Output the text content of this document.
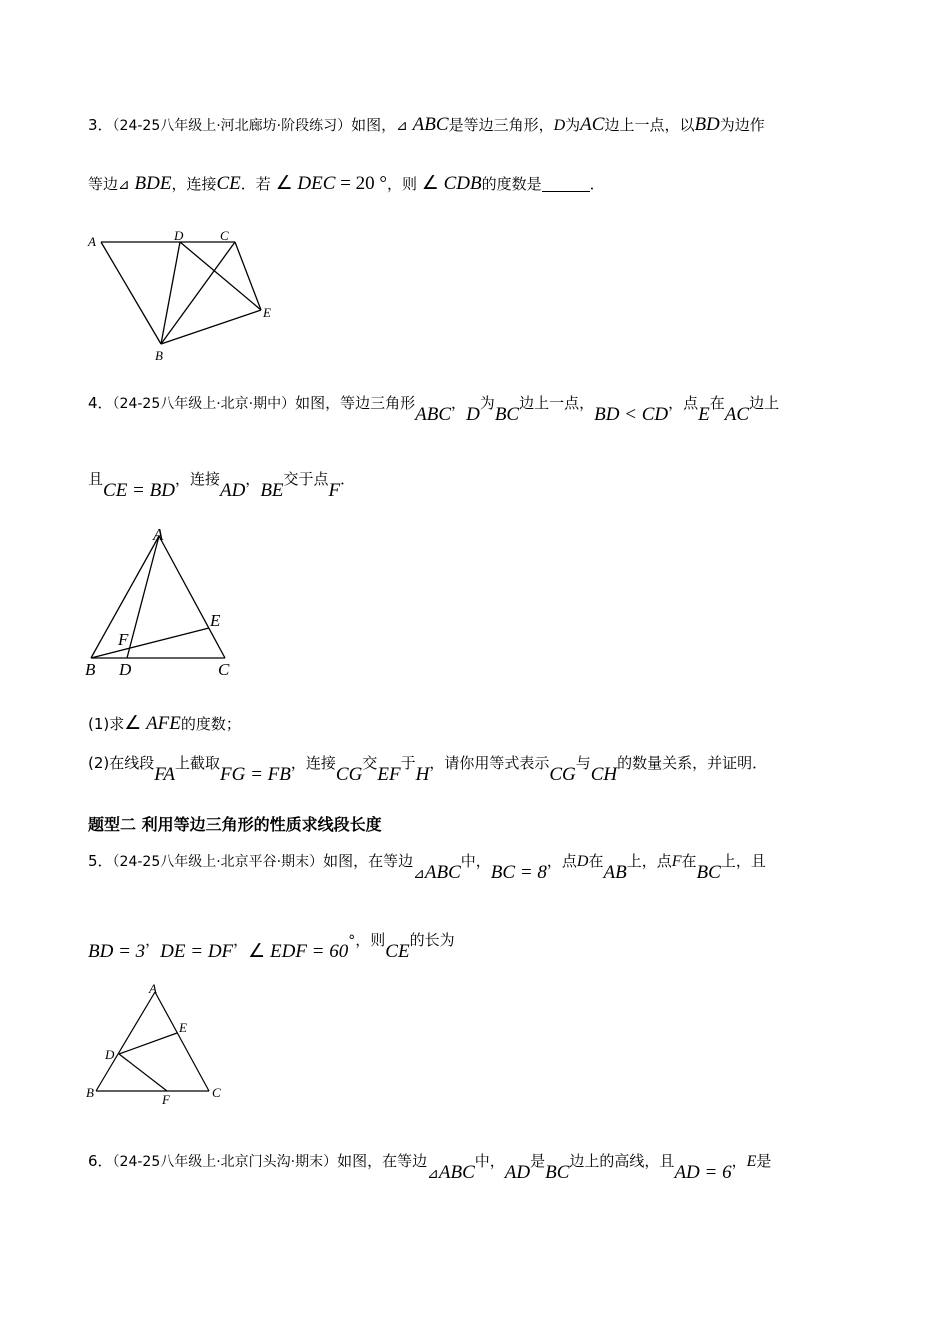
3．（24-25八年级上·河北廊坊·阶段练习）如图，⊿ ABC是等边三角形，D为AC边上一点，以BD为边作
等边⊿ BDE，连接CE．若 ∠ DEC = 20 °，则 ∠ CDB的度数是	．
A	D	C
E
B
4．（24-25八年级上·北京·期中）如图，等边三角形ABC，D为BC边上一点，BD < CD，点E在AC边上
且CE = BD，连接AD，BE交于点F．
A
E
F
B D	C
(1)求∠ AFE的度数；
(2)在线段FA上截取FG = FB，连接CG交EF于H，请你用等式表示CG与CH的数量关系，并证明．
题型二 利用等边三角形的性质求线段长度
5．（24-25八年级上·北京平谷·期末）如图，在等边⊿ABC中，BC = 8，点D在AB上，点F在BC上，且
BD = 3，DE = DF，∠ EDF = 60°，则CE的长为
A
E
D
B	F	C
6．（24-25八年级上·北京门头沟·期末）如图，在等边⊿ABC中，AD是BC边上的高线，且AD = 6，E是
